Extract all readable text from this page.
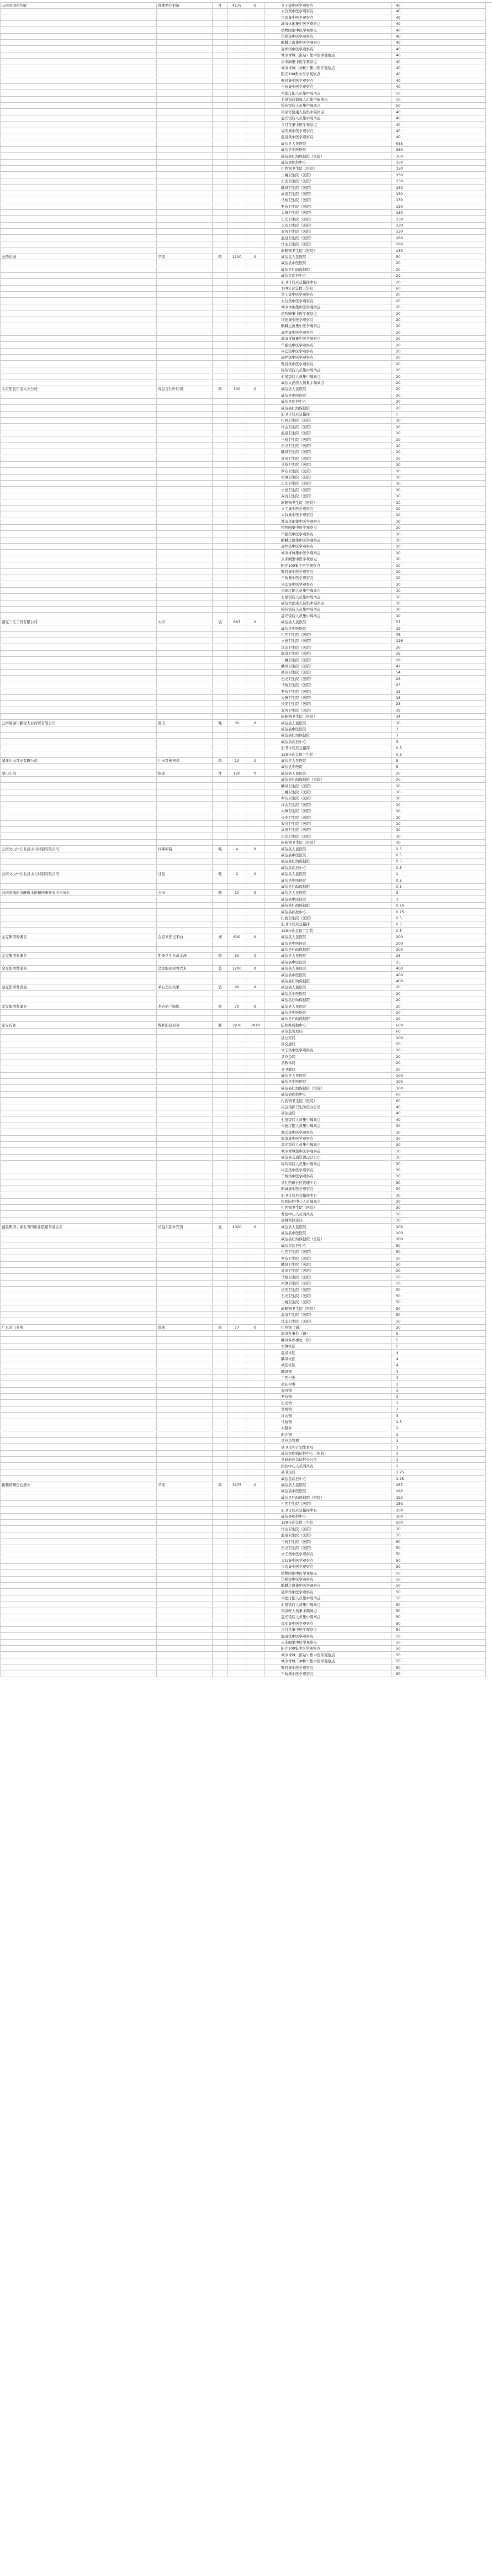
云南省国药控股	乳酸钠注射液	件	4175	0	文工集中医学观察点	40
大营集中医学观察点	40
兴宏集中医学观察点	40
城市休闲集中医学观察点	40
植物园集中医学观察点	40
华强集中医学观察点	40
麒麟之窗集中医学观察点	40
施坪集中医学观察点	40
城市青城（南站）集中医学观察点	40
云来阁集中医学观察点	40
城市青城（神桥）集中医学观察点	40
阳光100集中医学观察点	40
雅居集中医学观察点	40
千桥集中医学观察点	40
术德汀阳人员集中隔离点	50
七星饭店健康人员集中隔离点	50
锦苑饭店人员集中隔离点	50
南京轩健康人员集中隔离点	40
晨光饭店人员集中隔离点	40
八月花集中医学观察点	40
福安集中医学观察点	40
温泉集中医学观察点	40
威信县人民医院	685
威信县中医医院	360
威信县妇幼保健院（医院）	360
威信县疾控中心	150
扎西镇卫生院（医院）	150
三桃卫生院（医院）	150
石龙卫生院（医院）	130
麟凤卫生院（医院）	130
高田卫生院（医院）	130
马桥卫生院（医院）	130
罗布卫生院（医院）	130
大镇卫生院（医院）	130
长安卫生院（医院）	130
水田卫生院（医院）	130
双河卫生院（医院）	130
温泉卫生院（医院）	280
洋山卫生院（医院）	280
向阳镇卫生院（医院）	130
云西达城	苹果	箱	1100	0	威信县人民医院	50
威信县中医医院	20
威信县妇幼保健院	20
威信县疾控中心	20
旧卫计局应急指挥中心	20
120分诊急救卫生院	60
文工集中医学观察点	20
大营集中医学观察点	20
城市休闲集中医学观察点	20
植物园集中医学观察点	20
华强集中医学观察点	20
麒麟之窗集中医学观察点	20
施坪集中医学观察点	20
城市青城集中医学观察点	20
华强集中医学观察点	20
兴宏集中医学观察点	20
施坪集中医学观察点	20
雅居集中医学观察点	20
锦苑饭店人员集中隔离点	20
七星饭店人员集中隔离点	20
威信大酒店人员集中隔离点	20
北京忠良东宝实业公司	香豆宝利叶冲剂	箱	500	0	威信县人民医院	20
威信县中医医院	20
威信县疾控中心	20
威信县妇幼保健院	20
旧卫计局应急指挥	5
扎西卫生院（医院）	10
洋山卫生院（医院）	10
温泉卫生院（医院）	10
三桃卫生院（医院）	10
石龙卫生院（医院）	10
麟凤卫生院（医院）	10
高田卫生院（医院）	10
马桥卫生院（医院）	10
罗布卫生院（医院）	10
大镇卫生院（医院）	10
长安卫生院（医院）	10
水田卫生院（医院）	10
双河卫生院（医院）	10
向阳镇卫生院（医院）	10
文工集中医学观察点	10
大营集中医学观察点	10
城市休闲集中医学观察点	10
植物园集中医学观察点	10
华强集中医学观察点	10
麒麟之窗集中医学观察点	10
施坪集中医学观察点	10
城市青城集中医学观察点	10
云来阁集中医学观察点	10
阳光100集中医学观察点	10
雅居集中医学观察点	10
千桥集中医学观察点	10
兴宏集中医学观察点	10
术德汀阳人员集中隔离点	10
七星饭店人员集中隔离点	10
威信大酒店人员集中隔离点	10
锦苑饭店人员集中隔离点	10
晨光饭店人员集中隔离点	10
南充三江工贸有限公司	大米	袋	667	0	威信县人民医院	57
威信县中医医院	19
扎西卫生院（医院）	76
水田卫生院（医院）	126
洋山卫生院（医院）	26
温泉卫生院（医院）	28
三桃卫生院（医院）	28
麟凤卫生院（医院）	42
高田卫生院（医院）	54
石龙卫生院（医院）	28
马桥卫生院（医院）	23
罗布卫生院（医院）	13
大镇卫生院（医院）	18
长安卫生院（医院）	23
双河卫生院（医院）	19
向阳镇卫生院（医院）	14
云南瑞丽市鹏程大业商贸有限公司	西瓜	吨	30	0	威信县人民医院	10
威信县中医医院	3
威信县妇幼保健院	3
威信县疾控中心	3
旧卫计局应急指挥	0.5
120分诊急救卫生院	0.5
湖北川云芽业有限公司	川云芽枇杷膏	箱	10	0	威信县人民医院	5
威信县中医院	5
蒙山小镇	焗面	件	120	0	威信县人民医院	20
威信县妇幼保健院（医院）	20
麟凤卫生院（医院）	10
三桃卫生院（医院）	10
罗布卫生院（医院）	10
洋山卫生院（医院）	10
大镇卫生院（医院）	10
长安卫生院（医院）	10
双河卫生院（医院）	10
高田卫生院（医院）	10
石龙卫生院（医院）	10
向阳镇卫生院（医院）	10
云南文山州丘北县小兵财制有限公司	红辣椒酱	吨	4	0	威信县人民医院	2.5
威信县中医医院	0.5
威信县妇幼保健院	0.5
威信县疾控中心	0.5
云南文山州丘北县小兵财制有限公司	甘蓝	吨	2	0	威信县人民医院	1
威信县中医医院	0.5
威信县妇幼保健院	0.5
云南省瑞丽市畹町水田镇同事种业玉米协会	玉米	吨	10	0	威信县人民医院	3
威信县中医医院	1
威信县妇幼保健院	0.75
威信县疾控中心	0.75
扎西卫生院（医院）	0.5
旧卫计局应急指挥	0.5
120分诊急救卫生院	0.5
金克集团曹溪县	金克集团玉米油	桶	600	0	威信县人民医院	200
威信县中医医院	200
威信县妇幼保健院	200
金克集团曹溪县	明德花生长命金汤	箱	50	0	威信县人民医院	25
威信县中医医院	25
金克集团曹溪县	金克脆面原香大米	袋	1200	0	威信县人民医院	400
威信县中医医院	400
威信县妇幼保健院	400
金克集团曹溪县	荣心奥花核果	袋	60	0	威信县人民医院	20
威信县中医医院	20
威信县妇幼保健院	20
金克集团曹溪县	龙卉奶兰味炼	箱	70	0	威信县人民医院	30
威信县中医医院	20
威信县妇幼保健院	20
京安药业	稀释脂质原膏	瓶	3970	3970	防控办后勤中心	600
县市监管理局	60
县公安局	100
县交通局	50
文工集中医学观察点	20
县应急局	20
县教体局	20
县卫健局	20
威信县人民医院	100
威信县中医医院	100
威信县妇幼保健院（医院）	100
威信县疾控中心	60
扎西镇卫生院（医院）	60
应急指挥卫生防疫办公室	40
县住建局	40
七星饭店人员集中隔离点	40
术德汀阳人员集中隔离点	30
城式集中医学观察点	30
温泉集中医学观察点	30
晨光饭店人员集中隔离点	30
城市青城集中医学观察点	30
威信县交通资源运营公司	30
锦苑饭店人员集中隔离点	30
兴宏集中医学观察点	30
千桥集中医学观察点	30
县扎西镇社区管理中心	30
新城集中医学观察点	30
旧卫计局应急指挥中心	30
疾病防控中心人员隔离点	30
扎西镇卫生院（医院）	30
曹德中心人员隔离点	30
县城管执法局	30
鑫晨集团 / 湖北省四维希望慈善基金会	长益识别补充剂	盒	1000	0	威信县人民医院	100
威信县中医医院	100
威信县妇幼保健院（医院）	100
威信县疾控中心	50
扎西卫生院（医院）	50
罗布卫生院（医院）	50
麟凤卫生院（医院）	50
高田卫生院（医院）	50
马桥卫生院（医院）	50
大镇卫生院（医院）	50
长安卫生院（医院）	50
石龙卫生院（医院）	50
三桃卫生院（医院）	50
向阳镇卫生院（医院）	50
温泉卫生院（医院）	50
洋山卫生院（医院）	50
广东省门业网	圆规	箱	77	0	扎西镇（镇）	20
温泉办事处（镇）	5
麟凤乡办事处（镇）	5
大镇社区	5
温泉社区	4
麟凤社区	4
城区社区	4
麟凤镇	4
丁西村委	4
荷花村委	3
双河镇	3
罗布镇	3
石龙镇	3
贾桥镇	3
洋山镇	3
马桥镇	1.5
大隆乡	1
新庄镇	1
县应急管理	1
县卫生和计划生育局	1
威信县疾病防控中心（医院）	1
县政府应急防控办公室	1
疾控中心人员隔离点	1
县卫生局	1.25
威信县疾控中心	1.25
新疆喀喇昆仑酒业	苹果	箱	3175	0	威信县人民医院	267
威信县中医医院	192
威信县妇幼保健院（医院）	192
扎西卫生院（医院）	150
旧卫计局应急指挥中心	100
威信县疾控中心	100
120分诊急救卫生院	500
洋山卫生院（医院）	70
温泉卫生院（医院）	50
三桃卫生院（医院）	50
石龙卫生院（医院）	50
文工集中医学观察点	50
大营集中医学观察点	50
兴宏集中医学观察点	50
植物园集中医学观察点	50
华强集中医学观察点	50
麒麟之窗集中医学观察点	50
施坪集中医学观察点	50
术德汀阳人员集中隔离点	50
七星饭店人员集中隔离点	50
南京轩人员集中隔离点	50
晨光饭店人员集中隔离点	50
福安集中医学观察点	50
八月花集中医学观察点	50
温泉集中医学观察点	50
云来阁集中医学观察点	50
阳光100集中医学观察点	50
城市青城（南站）集中医学观察点	50
城市青城（神桥）集中医学观察点	50
雅居集中医学观察点	50
千桥集中医学观察点	50
